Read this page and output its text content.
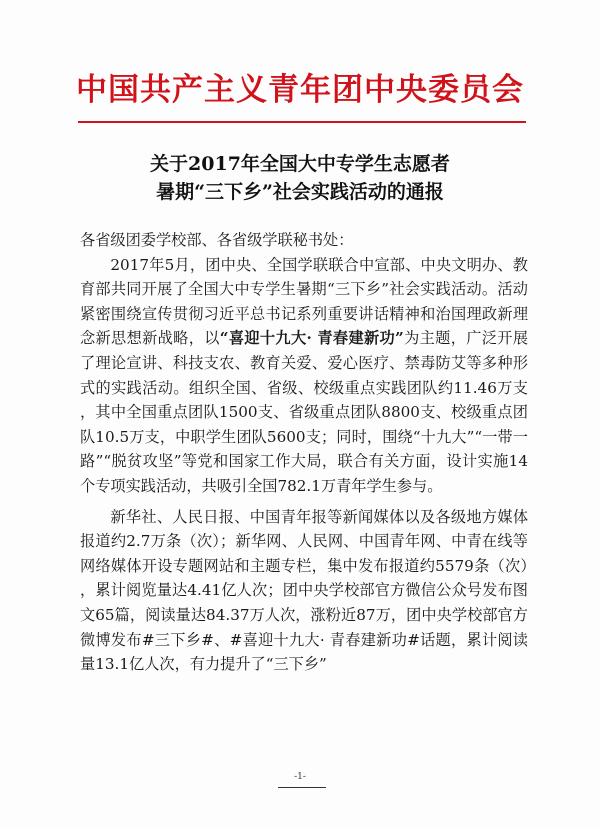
中国共产主义青年团中央委员会
关于2017年全国大中专学生志愿者
暑期“三下乡”社会实践活动的通报

各省级团委学校部、各省级学联秘书处：

2017年5月，团中央、全国学联联合中宣部、中央文明办、教育部共同开展了全国大中专学生暑期“三下乡”社会实践活动。活动紧密围绕宣传贯彻习近平总书记系列重要讲话精神和治国理政新理念新思想新战略，以“喜迎十九大· 青春建新功”为主题，广泛开展了理论宣讲、科技支农、教育关爱、爱心医疗、禁毒防艾等多种形式的实践活动。组织全国、省级、校级重点实践团队约11.46万支，其中全国重点团队1500支、省级重点团队8800支、校级重点团队10.5万支，中职学生团队5600支；同时，围绕“十九大”“一带一路”“脱贫攻坚”等党和国家工作大局，联合有关方面，设计实施14个专项实践活动，共吸引全国782.1万青年学生参与。

新华社、人民日报、中国青年报等新闻媒体以及各级地方媒体报道约2.7万条（次）；新华网、人民网、中国青年网、中青在线等网络媒体开设专题网站和主题专栏，集中发布报道约5579条（次），累计阅览量达4.41亿人次；团中央学校部官方微信公众号发布图文65篇，阅读量达84.37万人次，涨粉近87万，团中央学校部官方微博发布#三下乡#、#喜迎十九大· 青春建新功#话题，累计阅读量13.1亿人次，有力提升了“三下乡”

-1-
